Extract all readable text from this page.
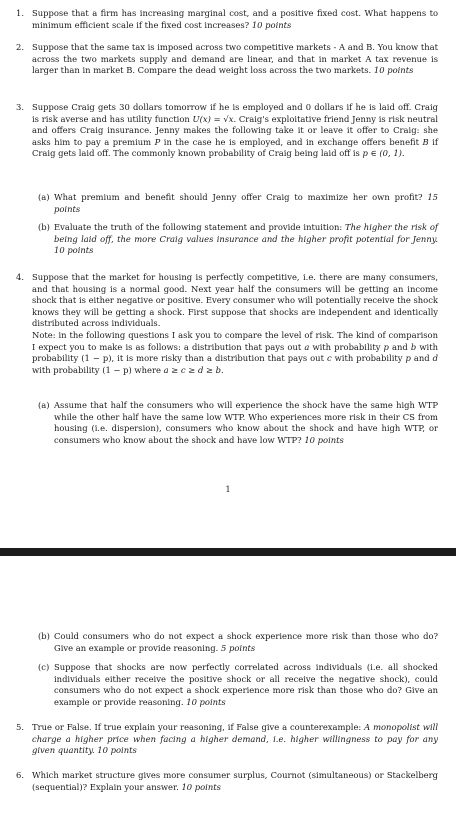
1. Suppose that a firm has increasing marginal cost, and a positive fixed cost. What happens to minimum efficient scale if the fixed cost increases? 10 points
2. Suppose that the same tax is imposed across two competitive markets - A and B. You know that across the two markets supply and demand are linear, and that in market A tax revenue is larger than in market B. Compare the dead weight loss across the two markets. 10 points
3. Suppose Craig gets 30 dollars tomorrow if he is employed and 0 dollars if he is laid off. Craig is risk averse and has utility function U(x) = √x. Craig's exploitative friend Jenny is risk neutral and offers Craig insurance. Jenny makes the following take it or leave it offer to Craig: she asks him to pay a premium P in the case he is employed, and in exchange offers benefit B if Craig gets laid off. The commonly known probability of Craig being laid off is p ∈ (0, 1).
(a) What premium and benefit should Jenny offer Craig to maximize her own profit? 15 points
(b) Evaluate the truth of the following statement and provide intuition: The higher the risk of being laid off, the more Craig values insurance and the higher profit potential for Jenny. 10 points
4. Suppose that the market for housing is perfectly competitive, i.e. there are many consumers, and that housing is a normal good. Next year half the consumers will be getting an income shock that is either negative or positive. Every consumer who will potentially receive the shock knows they will be getting a shock. First suppose that shocks are independent and identically distributed across individuals.
Note: in the following questions I ask you to compare the level of risk. The kind of comparison I expect you to make is as follows: a distribution that pays out a with probability p and b with probability (1 − p), it is more risky than a distribution that pays out c with probability p and d with probability (1 − p) where a ≥ c ≥ d ≥ b.
(a) Assume that half the consumers who will experience the shock have the same high WTP while the other half have the same low WTP. Who experiences more risk in their CS from housing (i.e. dispersion), consumers who know about the shock and have high WTP, or consumers who know about the shock and have low WTP? 10 points
1
(b) Could consumers who do not expect a shock experience more risk than those who do? Give an example or provide reasoning. 5 points
(c) Suppose that shocks are now perfectly correlated across individuals (i.e. all shocked individuals either receive the positive shock or all receive the negative shock), could consumers who do not expect a shock experience more risk than those who do? Give an example or provide reasoning. 10 points
5. True or False. If true explain your reasoning, if False give a counterexample: A monopolist will charge a higher price when facing a higher demand, i.e. higher willingness to pay for any given quantity. 10 points
6. Which market structure gives more consumer surplus, Cournot (simultaneous) or Stackelberg (sequential)? Explain your answer. 10 points
